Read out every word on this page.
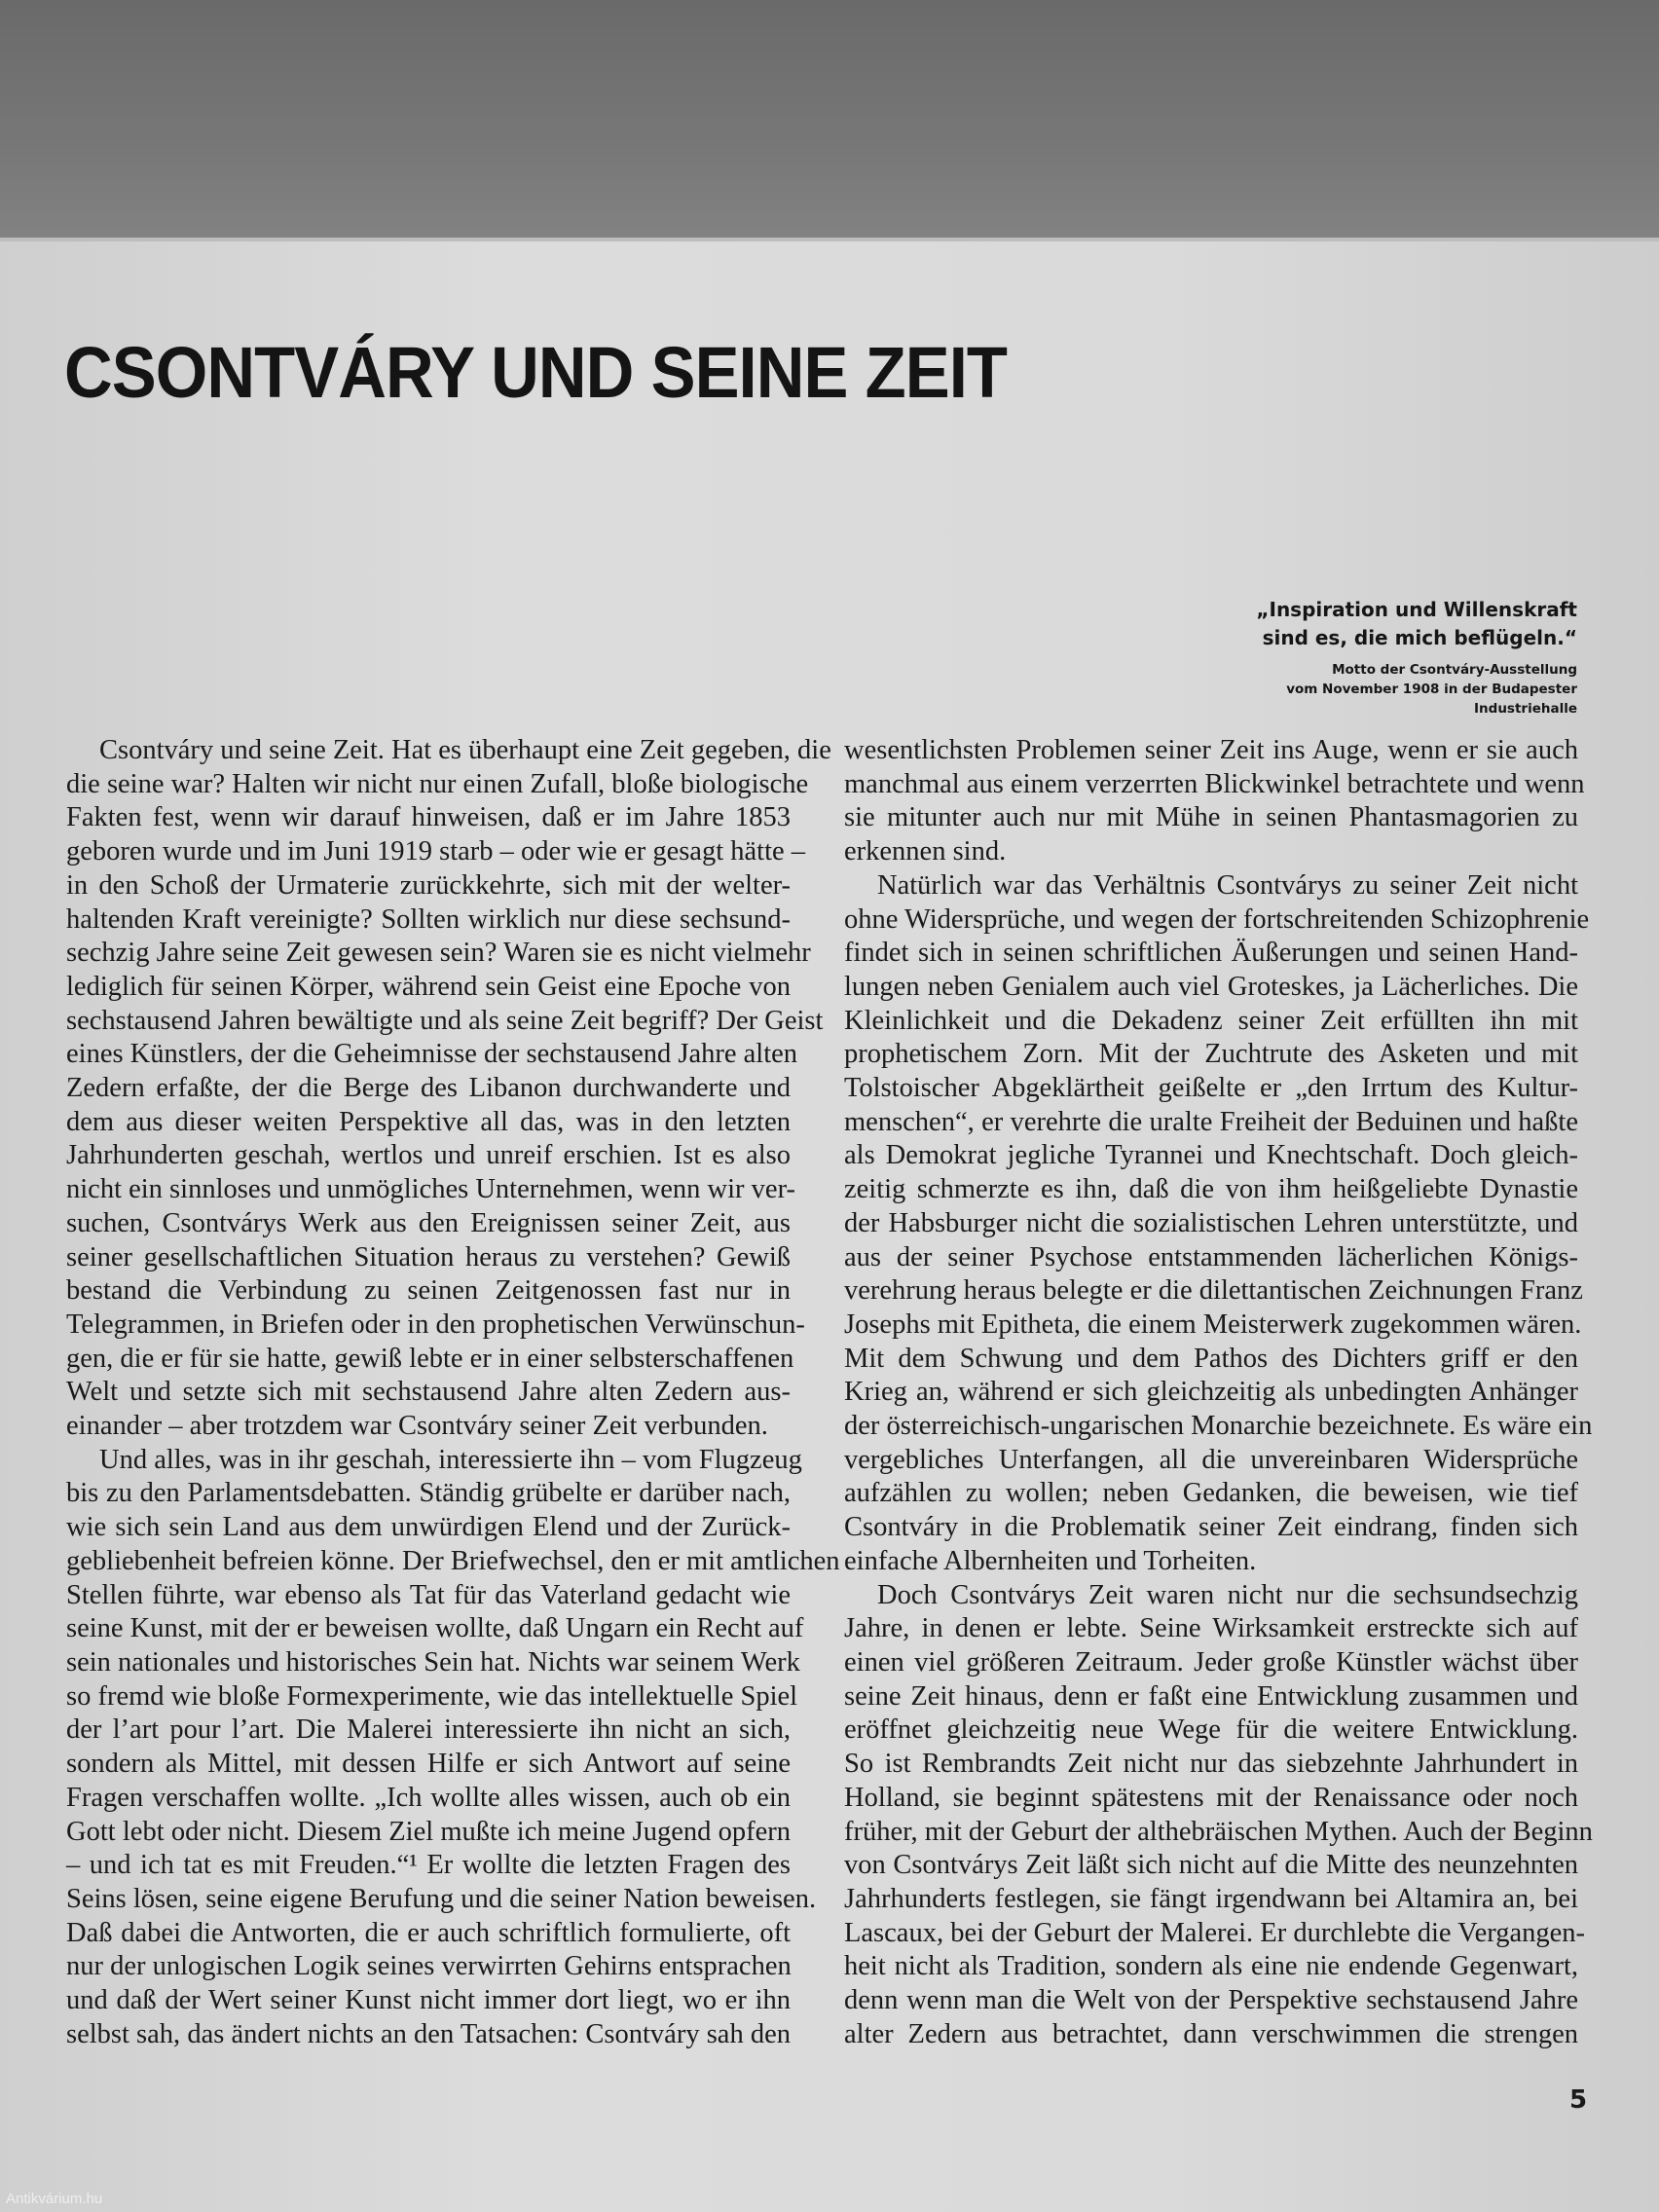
CSONTVÁRY UND SEINE ZEIT
„Inspiration und Willenskraft
sind es, die mich beflügeln.“
Motto der Csontváry-Ausstellung
vom November 1908 in der Budapester
Industriehalle
Csontváry und seine Zeit. Hat es überhaupt eine Zeit gegeben, die
die seine war? Halten wir nicht nur einen Zufall, bloße biologische
Fakten fest, wenn wir darauf hinweisen, daß er im Jahre 1853
geboren wurde und im Juni 1919 starb – oder wie er gesagt hätte –
in den Schoß der Urmaterie zurückkehrte, sich mit der welter-
haltenden Kraft vereinigte? Sollten wirklich nur diese sechsund-
sechzig Jahre seine Zeit gewesen sein? Waren sie es nicht vielmehr
lediglich für seinen Körper, während sein Geist eine Epoche von
sechstausend Jahren bewältigte und als seine Zeit begriff? Der Geist
eines Künstlers, der die Geheimnisse der sechstausend Jahre alten
Zedern erfaßte, der die Berge des Libanon durchwanderte und
dem aus dieser weiten Perspektive all das, was in den letzten
Jahrhunderten geschah, wertlos und unreif erschien. Ist es also
nicht ein sinnloses und unmögliches Unternehmen, wenn wir ver-
suchen, Csontvárys Werk aus den Ereignissen seiner Zeit, aus
seiner gesellschaftlichen Situation heraus zu verstehen? Gewiß
bestand die Verbindung zu seinen Zeitgenossen fast nur in
Telegrammen, in Briefen oder in den prophetischen Verwünschun-
gen, die er für sie hatte, gewiß lebte er in einer selbsterschaffenen
Welt und setzte sich mit sechstausend Jahre alten Zedern aus-
einander – aber trotzdem war Csontváry seiner Zeit verbunden.
Und alles, was in ihr geschah, interessierte ihn – vom Flugzeug
bis zu den Parlamentsdebatten. Ständig grübelte er darüber nach,
wie sich sein Land aus dem unwürdigen Elend und der Zurück-
gebliebenheit befreien könne. Der Briefwechsel, den er mit amtlichen
Stellen führte, war ebenso als Tat für das Vaterland gedacht wie
seine Kunst, mit der er beweisen wollte, daß Ungarn ein Recht auf
sein nationales und historisches Sein hat. Nichts war seinem Werk
so fremd wie bloße Formexperimente, wie das intellektuelle Spiel
der l’art pour l’art. Die Malerei interessierte ihn nicht an sich,
sondern als Mittel, mit dessen Hilfe er sich Antwort auf seine
Fragen verschaffen wollte. „Ich wollte alles wissen, auch ob ein
Gott lebt oder nicht. Diesem Ziel mußte ich meine Jugend opfern
– und ich tat es mit Freuden.“¹ Er wollte die letzten Fragen des
Seins lösen, seine eigene Berufung und die seiner Nation beweisen.
Daß dabei die Antworten, die er auch schriftlich formulierte, oft
nur der unlogischen Logik seines verwirrten Gehirns entsprachen
und daß der Wert seiner Kunst nicht immer dort liegt, wo er ihn
selbst sah, das ändert nichts an den Tatsachen: Csontváry sah den
wesentlichsten Problemen seiner Zeit ins Auge, wenn er sie auch
manchmal aus einem verzerrten Blickwinkel betrachtete und wenn
sie mitunter auch nur mit Mühe in seinen Phantasmagorien zu
erkennen sind.
Natürlich war das Verhältnis Csontvárys zu seiner Zeit nicht
ohne Widersprüche, und wegen der fortschreitenden Schizophrenie
findet sich in seinen schriftlichen Äußerungen und seinen Hand-
lungen neben Genialem auch viel Groteskes, ja Lächerliches. Die
Kleinlichkeit und die Dekadenz seiner Zeit erfüllten ihn mit
prophetischem Zorn. Mit der Zuchtrute des Asketen und mit
Tolstoischer Abgeklärtheit geißelte er „den Irrtum des Kultur-
menschen“, er verehrte die uralte Freiheit der Beduinen und haßte
als Demokrat jegliche Tyrannei und Knechtschaft. Doch gleich-
zeitig schmerzte es ihn, daß die von ihm heißgeliebte Dynastie
der Habsburger nicht die sozialistischen Lehren unterstützte, und
aus der seiner Psychose entstammenden lächerlichen Königs-
verehrung heraus belegte er die dilettantischen Zeichnungen Franz
Josephs mit Epitheta, die einem Meisterwerk zugekommen wären.
Mit dem Schwung und dem Pathos des Dichters griff er den
Krieg an, während er sich gleichzeitig als unbedingten Anhänger
der österreichisch-ungarischen Monarchie bezeichnete. Es wäre ein
vergebliches Unterfangen, all die unvereinbaren Widersprüche
aufzählen zu wollen; neben Gedanken, die beweisen, wie tief
Csontváry in die Problematik seiner Zeit eindrang, finden sich
einfache Albernheiten und Torheiten.
Doch Csontvárys Zeit waren nicht nur die sechsundsechzig
Jahre, in denen er lebte. Seine Wirksamkeit erstreckte sich auf
einen viel größeren Zeitraum. Jeder große Künstler wächst über
seine Zeit hinaus, denn er faßt eine Entwicklung zusammen und
eröffnet gleichzeitig neue Wege für die weitere Entwicklung.
So ist Rembrandts Zeit nicht nur das siebzehnte Jahrhundert in
Holland, sie beginnt spätestens mit der Renaissance oder noch
früher, mit der Geburt der althebräischen Mythen. Auch der Beginn
von Csontvárys Zeit läßt sich nicht auf die Mitte des neunzehnten
Jahrhunderts festlegen, sie fängt irgendwann bei Altamira an, bei
Lascaux, bei der Geburt der Malerei. Er durchlebte die Vergangen-
heit nicht als Tradition, sondern als eine nie endende Gegenwart,
denn wenn man die Welt von der Perspektive sechstausend Jahre
alter Zedern aus betrachtet, dann verschwimmen die strengen
5
Antikvárium.hu
